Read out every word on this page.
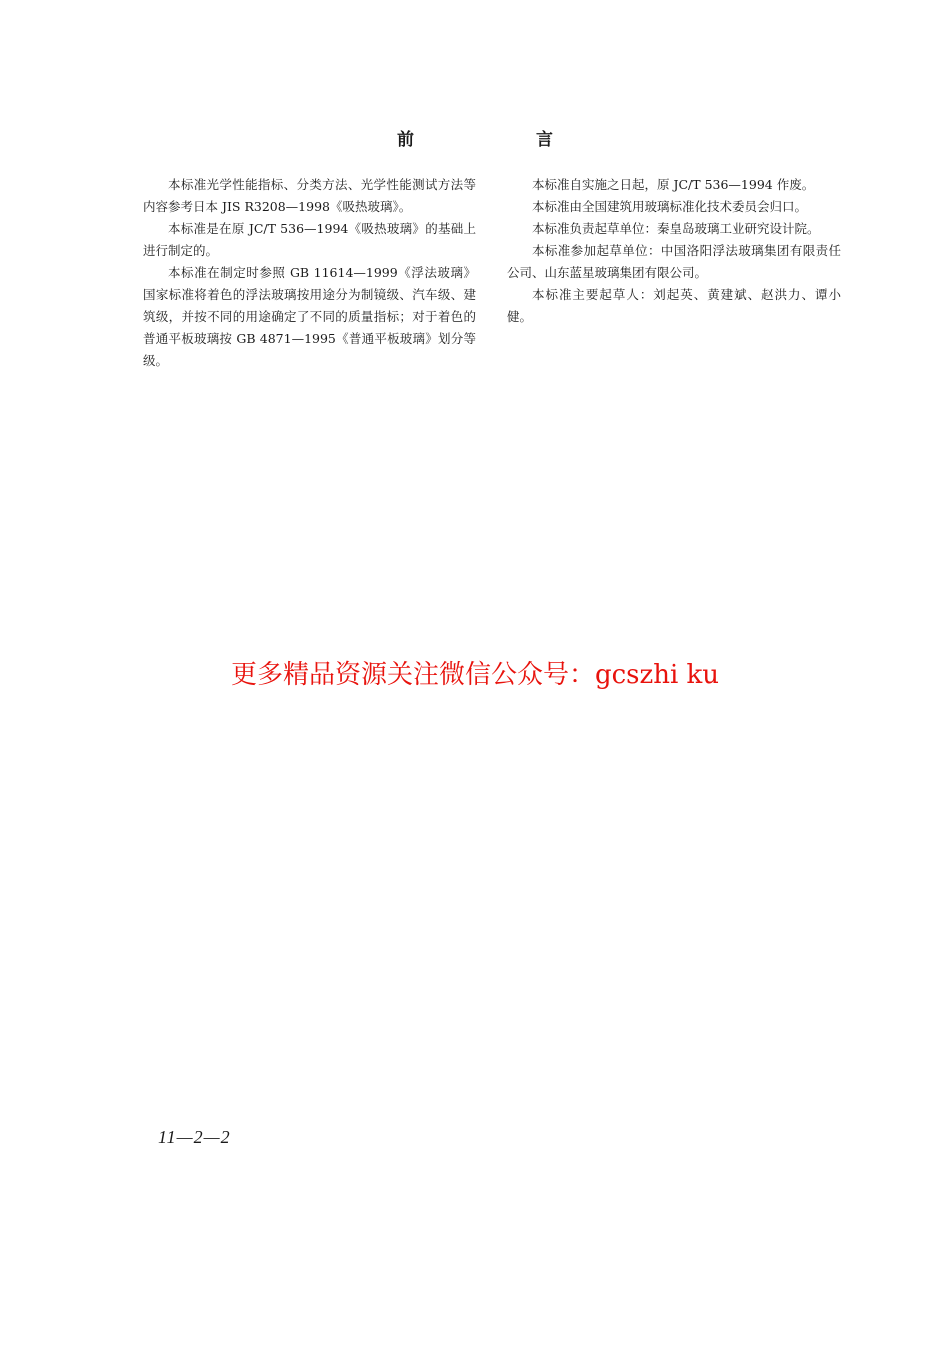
前 言

本标准光学性能指标、分类方法、光学性能测试方法等内容参考日本 JIS R3208—1998《吸热玻璃》。

本标准是在原 JC/T 536—1994《吸热玻璃》的基础上进行制定的。

本标准在制定时参照 GB 11614—1999《浮法玻璃》国家标准将着色的浮法玻璃按用途分为制镜级、汽车级、建筑级，并按不同的用途确定了不同的质量指标；对于着色的普通平板玻璃按 GB 4871—1995《普通平板玻璃》划分等级。

本标准自实施之日起，原 JC/T 536—1994 作废。

本标准由全国建筑用玻璃标准化技术委员会归口。

本标准负责起草单位：秦皇岛玻璃工业研究设计院。

本标准参加起草单位：中国洛阳浮法玻璃集团有限责任公司、山东蓝星玻璃集团有限公司。

本标准主要起草人：刘起英、黄建斌、赵洪力、谭小健。

更多精品资源关注微信公众号：gcszhi ku
11—2—2
